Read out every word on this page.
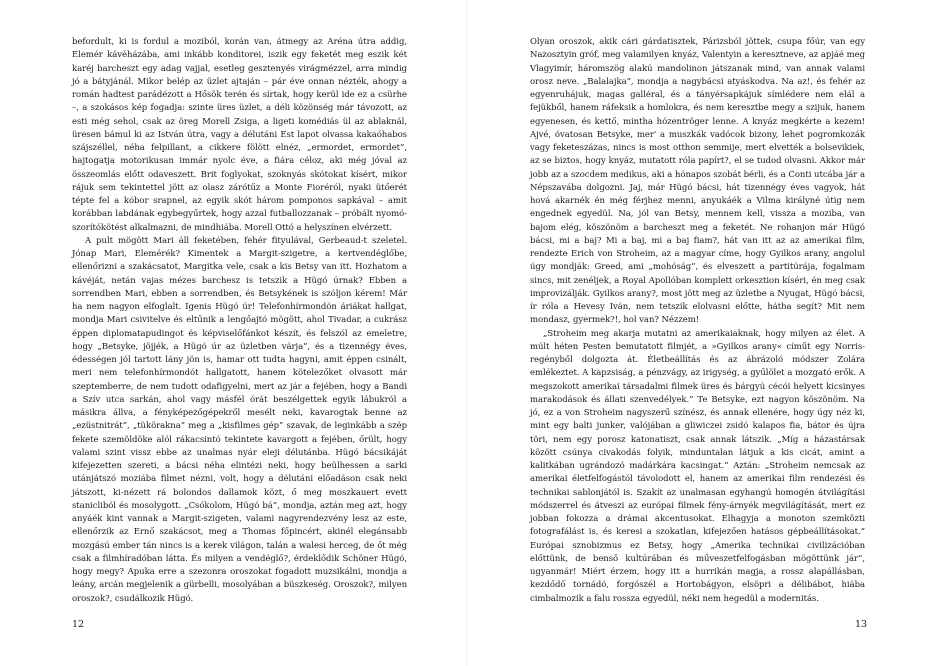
befordult, ki is fordul a moziból, korán van, átmegy az Aréna útra addig, Elemér kávéházába, ami inkább konditorei, iszik egy feketét meg eszik két karéj barcheszt egy adag vajjal, esetleg gesztenyés virágmézzel, arra mindig jó a bátyjánál. Mikor belép az üzlet ajtaján – pár éve onnan nézték, ahogy a román hadtest parádézott a Hősök terén és sírtak, hogy kerül ide ez a csürhe –, a szokásos kép fogadja: szinte üres üzlet, a déli közönség már távozott, az esti még sehol, csak az öreg Morell Zsiga, a ligeti komédiás ül az ablaknál, üresen bámul ki az István útra, vagy a délutáni Est lapot olvassa kakaóhabos szájszéllel, néha felpillant, a cikkere fölött elnéz, „ermordet, ermordet”, hajtogatja motorikusan immár nyolc éve, a fiára céloz, aki még jóval az összeomlás előtt odaveszett. Brit foglyokat, szoknyás skótokat kísért, mikor rájuk sem tekintettel jött az olasz zárótűz a Monte Fioréról, nyaki ütőerét tépte fel a kóbor srapnel, az egyik skót három pomponos sapkával – amit korábban labdának egybegyűrtek, hogy azzal futballozzanak – próbált nyomó-szorítókötést alkalmazni, de mindhiába. Morell Ottó a helyszínen elvérzett.

A pult mögött Mari áll feketében, fehér fityulával, Gerbeaud-t szeletel. Jónap Mari, Elemérék? Kimentek a Margit-szigetre, a kertvendéglőbe, ellenőrizni a szakácsatot, Margitka vele, csak a kis Betsy van itt. Hozhatom a kávéját, netán vajas mézes barchesz is tetszik a Hügó úrnak? Ebben a sorrendben Mari, ebben a sorrendben, és Betsykének is szóljon kérem! Már ha nem nagyon elfoglalt. Igenis Hügó úr! Telefonhírmondón áriákat hallgat, mondja Mari csivitelve és eltűnik a lengőajtó mögött, ahol Tivadar, a cukrász éppen diplomatapudingot és képviselőfánkot készít, és felszól az emeletre, hogy „Betsyke, jöjjék, a Hügó úr az üzletben várja”, és a tizennégy éves, édességen jól tartott lány jön is, hamar ott tudta hagyni, amit éppen csinált, meri nem telefonhírmondót hallgatott, hanem kötelezőket olvasott már szeptemberre, de nem tudott odafigyelni, mert az jár a fejében, hogy a Bandi a Szív utca sarkán, ahol vagy másfél órát beszélgettek egyik lábukról a másikra állva, a fényképezőgépekről mesélt neki, kavarogtak benne az „ezüstnitrát”, „tükörakna” meg a „kisfilmes gép” szavak, de leginkább a szép fekete szemöldöke alól rákacsintó tekintete kavargott a fejében, őrült, hogy valami szint vissz ebbe az unalmas nyár eleji délutánba. Hügó bácsikáját kifejezetten szereti, a bácsi néha elintézi neki, hogy beülhessen a sarki utánjátszó moziába filmet nézni, volt, hogy a délutáni előadáson csak neki játszott, ki-nézett rá bolondos dallamok közt, ő meg moszkauert evett stanicliból és mosolygott. „Csókolom, Hügó bá”, mondja, aztán meg azt, hogy anyáék kint vannak a Margit-szigeten, valami nagyrendezvény lesz az este, ellenőrzik az Ernő szakácsot, meg a Thomas főpincért, akinél elegánsabb mozgású ember tán nincs is a kerek világon, talán a walesi herceg, de őt még csak a filmhíradóban látta. És milyen a vendéglő?, érdeklődik Schöner Hügó, hogy megy? Apuka erre a szezonra oroszokat fogadott muzsikálni, mondja a leány, arcán megjelenik a gürbelli, mosolyában a büszkeség. Oroszok?, milyen oroszok?, csudálkozik Hügó.

12

Olyan oroszok, akik cári gárdatisztek, Párizsból jöttek, csupa főúr, van egy Nazosztyin gróf, meg valamilyen knyáz, Valentyin a keresztneve, az apjáé meg Vlagyimír, háromszög alakú mandolinon játszanak mind, van annak valami orosz neve. „Balalajka”, mondja a nagybácsi atyáskodva. Na az!, és fehér az egyenruhájuk, magas galléral, és a tányérsapkájuk símlédere nem elál a fejükből, hanem ráfeksik a homlokra, és nem keresztbe megy a szijuk, hanem egyenesen, és kettő, mintha hózentröger lenne. A knyáz megkérte a kezem! Ajvé, óvatosan Betsyke, mer' a muszkák vadócok bizony, lehet pogromkozák vagy feketeszázas, nincs is most otthon semmije, mert elvették a bolsevikiek, az se biztos, hogy knyáz, mutatott róla papírt?, el se tudod olvasni. Akkor már jobb az a szocdem medikus, aki a hónapos szobát bérli, és a Conti utcába jár a Népszavába dolgozni. Jaj, már Hügó bácsi, hát tizennégy éves vagyok, hát hová akarnék én még férjhez menni, anyukáék a Vilma királyné útig nem engednek egyedül. Na, jól van Betsy, mennem kell, vissza a moziba, van bajom elég, köszönöm a barcheszt meg a feketét. Ne rohanjon már Hügó bácsi, mi a baj? Mi a baj, mi a baj fiam?, hát van itt az az amerikai film, rendezte Erich von Stroheim, az a magyar címe, hogy Gyilkos arany, angolul úgy mondják: Greed, ami „mohóság”, és elveszett a partitúrája, fogalmam sincs, mit zenéljek, a Royal Apollóban komplett orkesztion kíséri, én meg csak improvizálják. Gyilkos arany?, most jött meg az üzletbe a Nyugat, Hügó bácsi, ír róla a Hevesy Iván, nem tetszik elolvasni előtte, hátha segít? Mit nem mondasz, gyermek?!, hol van? Nézzem!

„Stroheim meg akarja mutatni az amerikaiaknak, hogy milyen az élet. A múlt héten Pesten bemutatott filmjét, a »Gyilkos arany« címűt egy Norris-regényből dolgozta át. Életbeállítás és az ábrázoló módszer Zolára emlékeztet. A kapzsiság, a pénzvágy, az irigység, a gyűlölet a mozgató erők. A megszokott amerikai társadalmi filmek üres és bárgyú cécói helyett kicsinyes marakodások és állati szenvedélyek.” Te Betsyke, ezt nagyon köszönöm. Na jó, ez a von Stroheim nagyszerű színész, és annak ellenére, hogy úgy néz ki, mint egy balti junker, valójában a gliwiczei zsidó kalapos fia, bátor és újra töri, nem egy porosz katonatiszt, csak annak látszik. „Míg a házastársak között csúnya civakodás folyik, minduntalan látjuk a kis cicát, amint a kalitkában ugrándozó madárkára kacsingat.” Aztán: „Stroheim nemcsak az amerikai életfelfogástól távolodott el, hanem az amerikai film rendezési és technikai sablonjától is. Szakít az unalmasan egyhangú homogén átvilágítási módszerrel és átveszi az európai filmek fény-árnyék megvilágítását, mert ez jobban fokozza a drámai akcentusokat. Elhagyja a monoton szemközti fotografálást is, és keresi a szokatlan, kifejezően hatásos gépbeállításokat.” Európai sznobizmus ez Betsy, hogy „Amerika technikai civilizációban előttünk, de benső kultúrában és műveszetfelfogásban mögöttünk jár”, ugyanmár! Miért érzem, hogy itt a hurrikán magja, a rossz alapállásban, kezdődő tornádó, forgószél a Hortobágyon, elsöpri a délibábot, hiába cimbalmozik a falu rossza egyedül, néki nem hegedül a modernitás.

13
